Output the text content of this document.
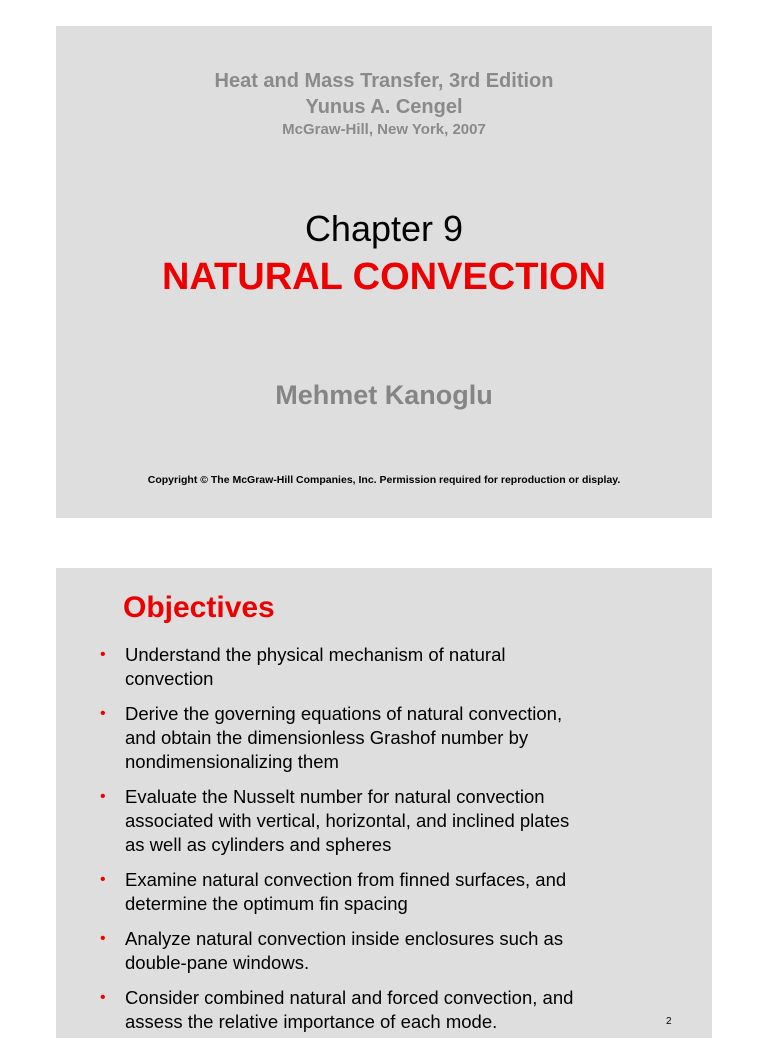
Heat and Mass Transfer, 3rd Edition
Yunus A. Cengel
McGraw-Hill, New York, 2007
Chapter 9
NATURAL CONVECTION
Mehmet Kanoglu
Copyright © The McGraw-Hill Companies, Inc. Permission required for reproduction or display.
Objectives
• Understand the physical mechanism of natural
convection
• Derive the governing equations of natural convection,
and obtain the dimensionless Grashof number by
nondimensionalizing them
• Evaluate the Nusselt number for natural convection
associated with vertical, horizontal, and inclined plates
as well as cylinders and spheres
• Examine natural convection from finned surfaces, and
determine the optimum fin spacing
• Analyze natural convection inside enclosures such as
double-pane windows.
• Consider combined natural and forced convection, and
assess the relative importance of each mode.	2
